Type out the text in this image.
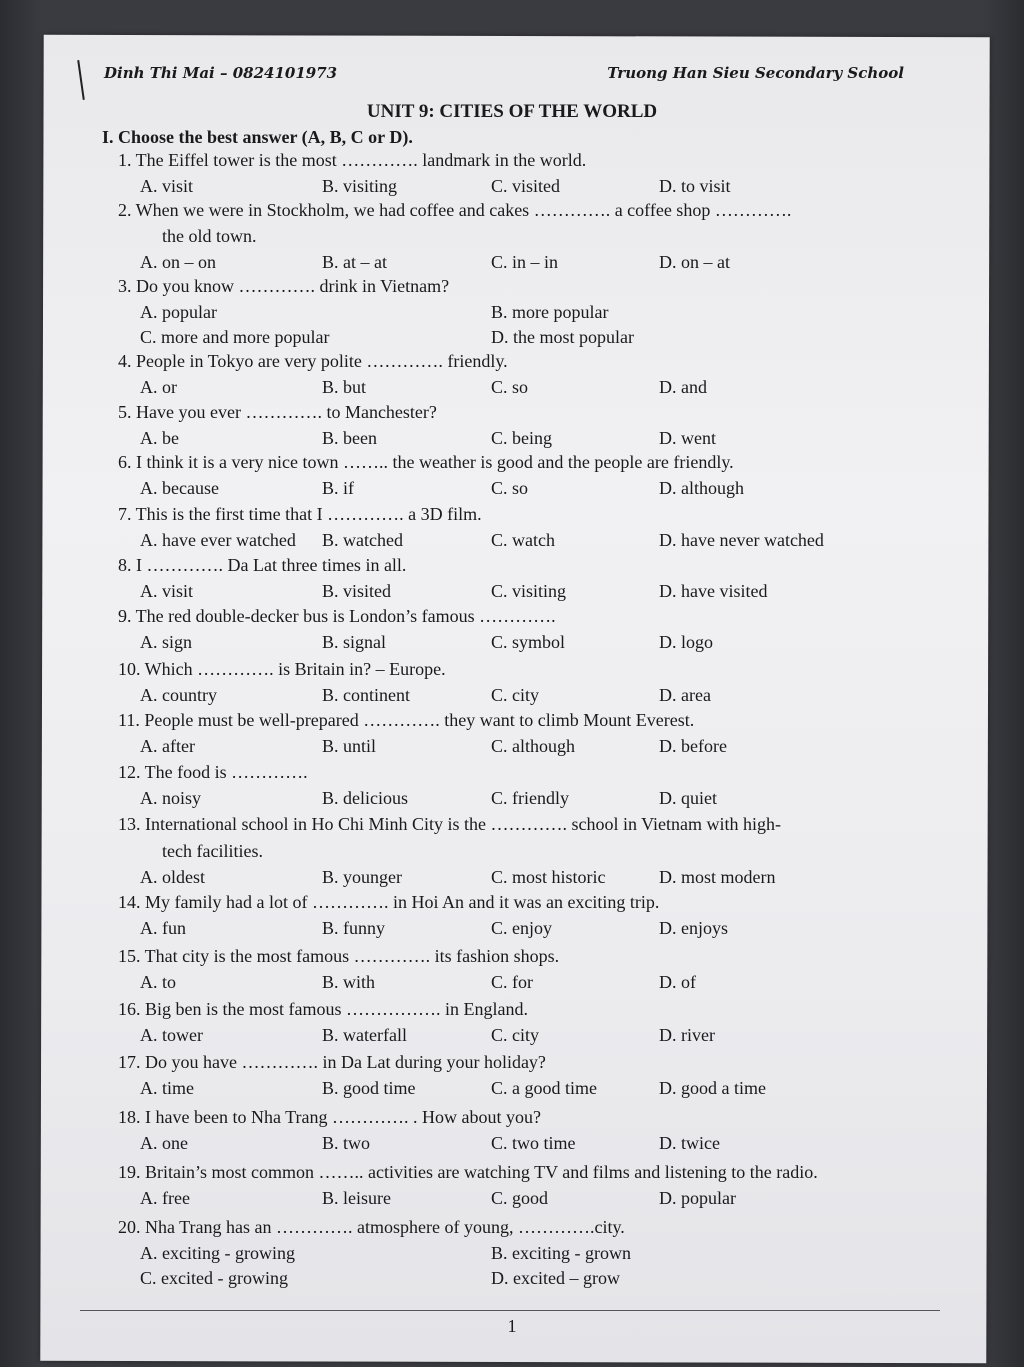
Dinh Thi Mai – 0824101973	Truong Han Sieu Secondary School
UNIT 9: CITIES OF THE WORLD
I. Choose the best answer (A, B, C or D).
1. The Eiffel tower is the most …………. landmark in the world.
A. visit	B. visiting	C. visited	D. to visit
2. When we were in Stockholm, we had coffee and cakes …………. a coffee shop ………….
the old town.
A. on – on	B. at – at	C. in – in	D. on – at
3. Do you know …………. drink in Vietnam?
A. popular	B. more popular
C. more and more popular	D. the most popular
4. People in Tokyo are very polite …………. friendly.
A. or	B. but	C. so	D. and
5. Have you ever …………. to Manchester?
A. be	B. been	C. being	D. went
6. I think it is a very nice town …….. the weather is good and the people are friendly.
A. because	B. if	C. so	D. although
7. This is the first time that I …………. a 3D film.
A. have ever watched B. watched	C. watch	D. have never watched
8. I …………. Da Lat three times in all.
A. visit	B. visited	C. visiting	D. have visited
9. The red double-decker bus is London’s famous ………….
A. sign	B. signal	C. symbol	D. logo
10. Which …………. is Britain in? – Europe.
A. country	B. continent	C. city	D. area
11. People must be well-prepared …………. they want to climb Mount Everest.
A. after	B. until	C. although	D. before
12. The food is ………….
A. noisy	B. delicious	C. friendly	D. quiet
13. International school in Ho Chi Minh City is the …………. school in Vietnam with high-
tech facilities.
A. oldest	B. younger	C. most historic	D. most modern
14. My family had a lot of …………. in Hoi An and it was an exciting trip.
A. fun	B. funny	C. enjoy	D. enjoys
15. That city is the most famous …………. its fashion shops.
A. to	B. with	C. for	D. of
16. Big ben is the most famous ……………. in England.
A. tower	B. waterfall	C. city	D. river
17. Do you have …………. in Da Lat during your holiday?
A. time	B. good time	C. a good time	D. good a time
18. I have been to Nha Trang …………. . How about you?
A. one	B. two	C. two time	D. twice
19. Britain’s most common …….. activities are watching TV and films and listening to the radio.
A. free	B. leisure	C. good	D. popular
20. Nha Trang has an …………. atmosphere of young, ………….city.
A. exciting - growing	B. exciting - grown
C. excited - growing	D. excited – grow
1
